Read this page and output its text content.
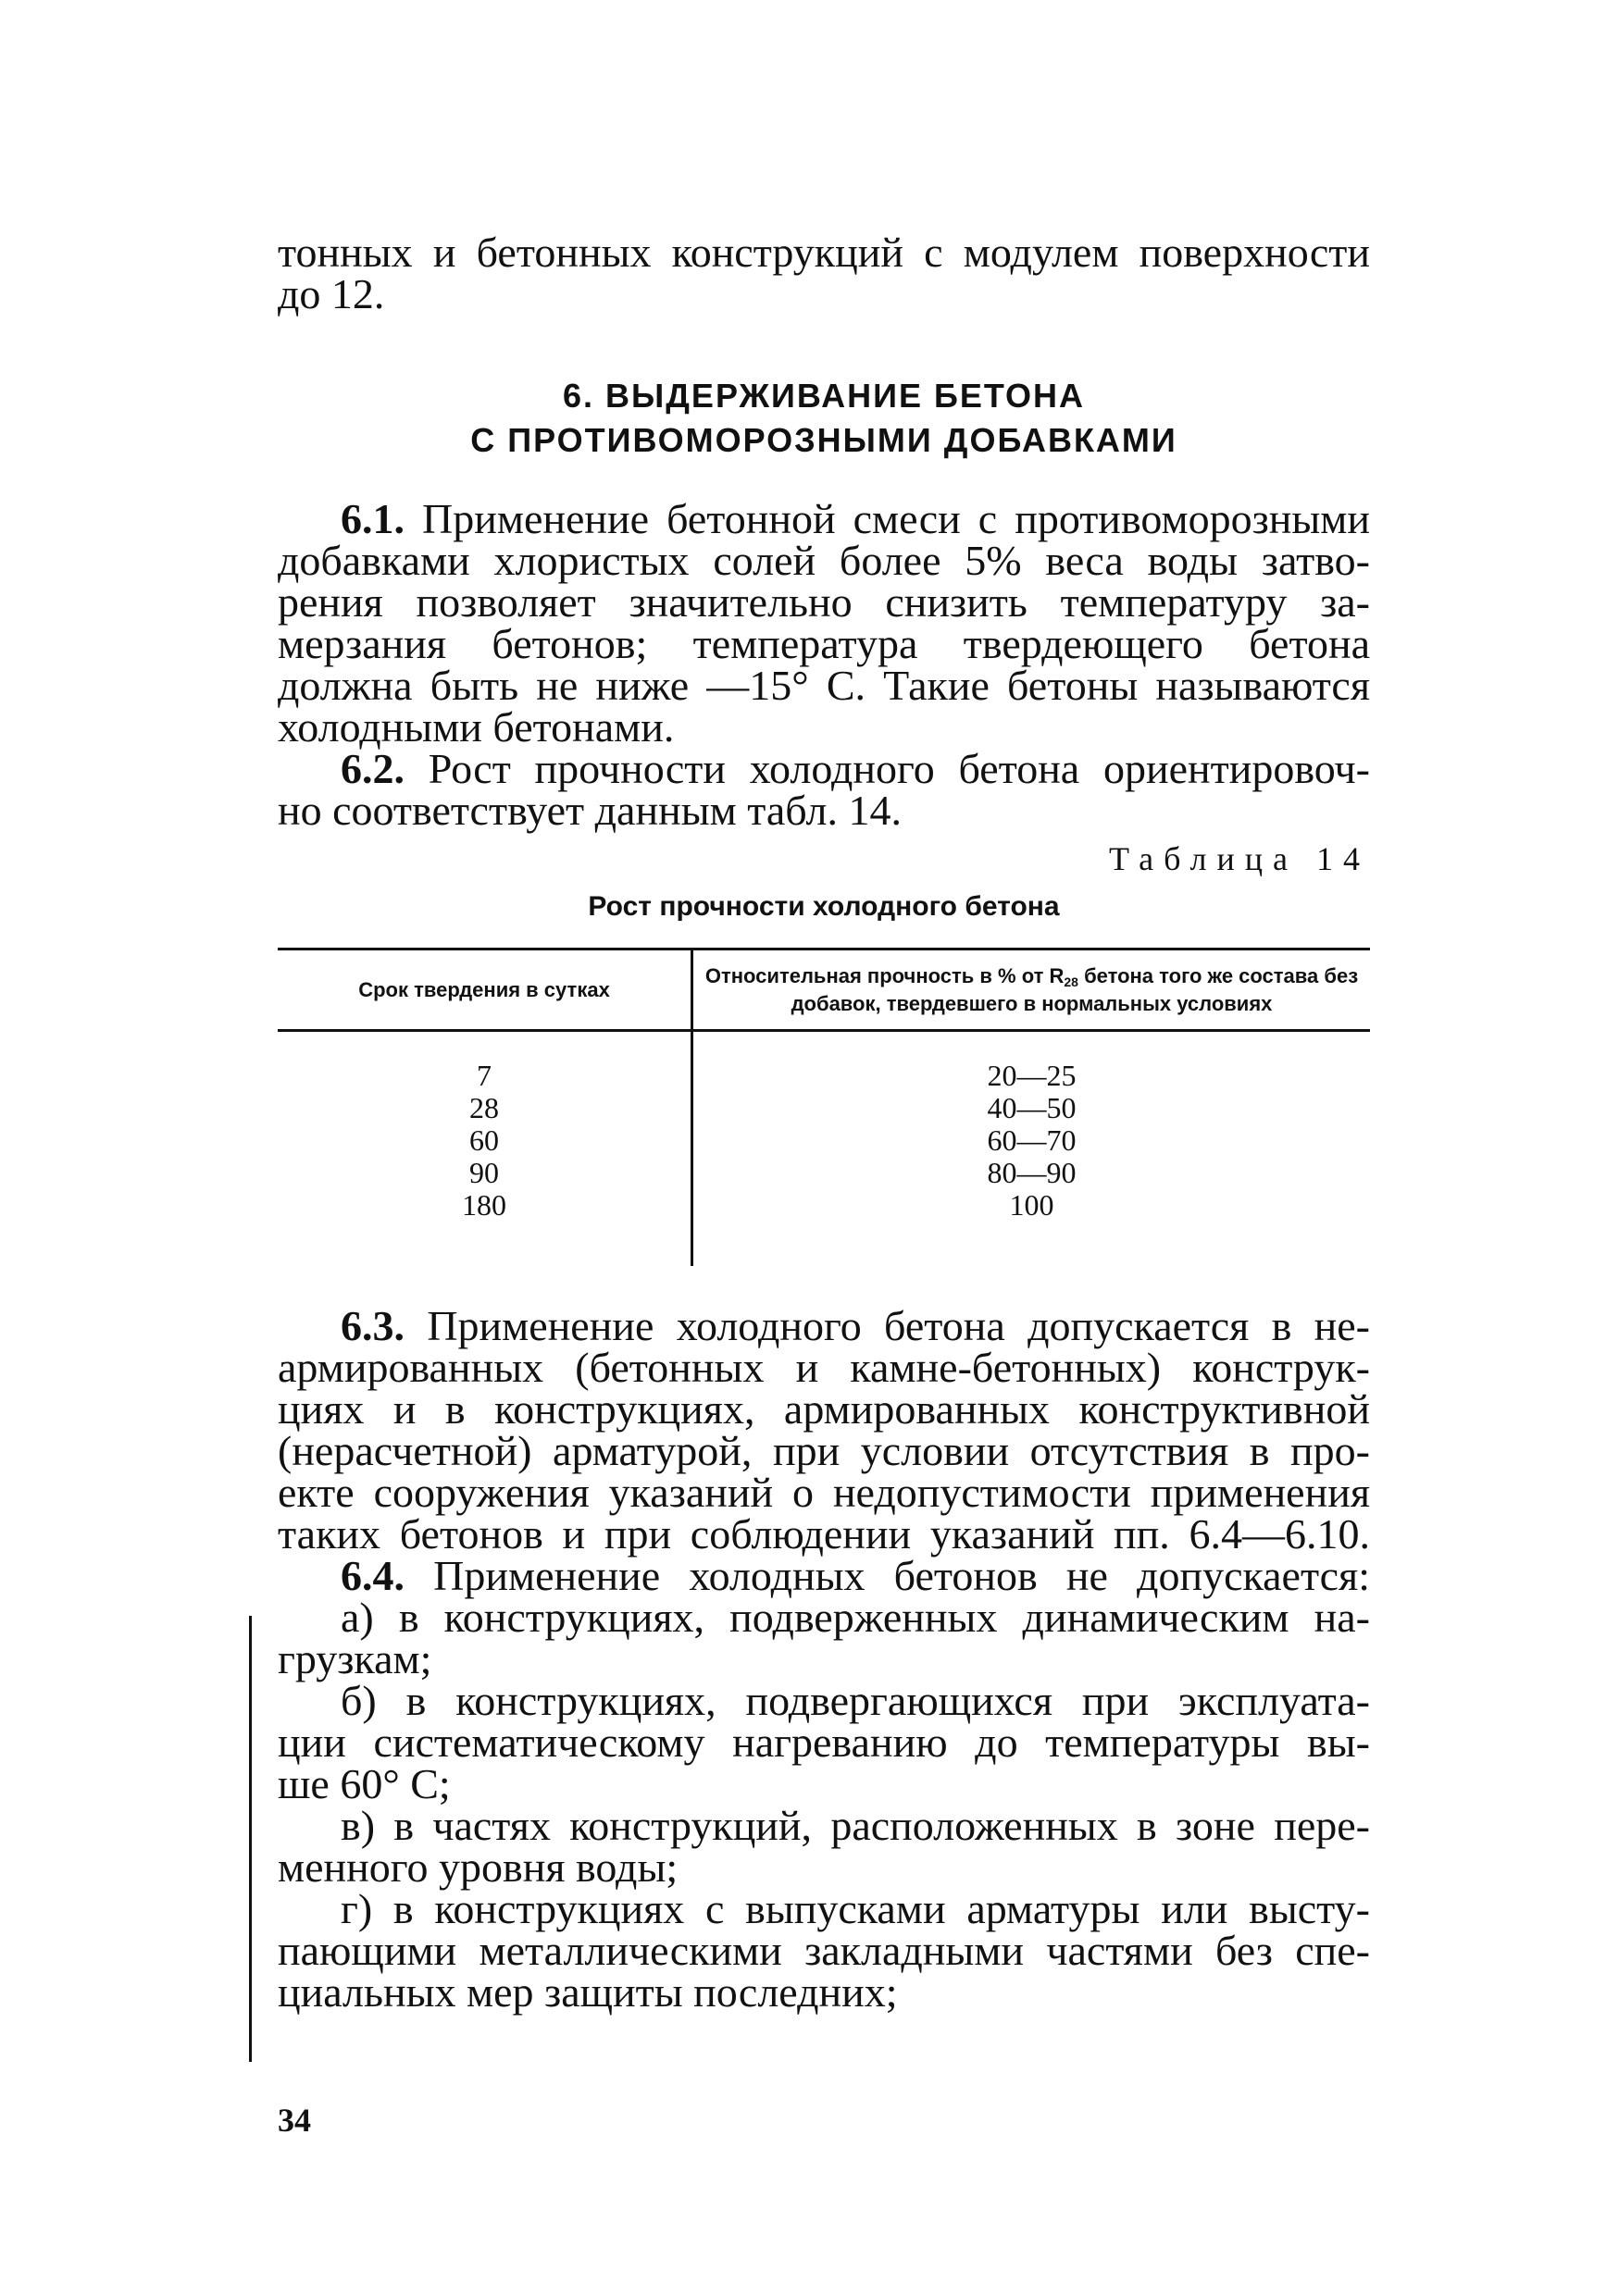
тонных и бетонных конструкций с модулем поверхности

до 12.

6. ВЫДЕРЖИВАНИЕ БЕТОНА

С ПРОТИВОМОРОЗНЫМИ ДОБАВКАМИ

6.1. Применение бетонной смеси с противоморозными

добавками хлористых солей более 5% веса воды затво-

рения позволяет значительно снизить температуру за-

мерзания бетонов; температура твердеющего бетона

должна быть не ниже —15° С. Такие бетоны называются

холодными бетонами.

6.2. Рост прочности холодного бетона ориентировоч-

но соответствует данным табл. 14.

Таблица 14

Рост прочности холодного бетона

Срок твердения в сутках	Относительная прочность в % от $R_{28}$ бетона того же состава без добавок, твердевшего в нормальных условиях
7	20—25
28	40—50
60	60—70
90	80—90
180	100

6.3. Применение холодного бетона допускается в не-

армированных (бетонных и камне-бетонных) конструк-

циях и в конструкциях, армированных конструктивной

(нерасчетной) арматурой, при условии отсутствия в про-

екте сооружения указаний о недопустимости применения

таких бетонов и при соблюдении указаний пп. 6.4—6.10.

6.4. Применение холодных бетонов не допускается:

а) в конструкциях, подверженных динамическим на-

грузкам;

б) в конструкциях, подвергающихся при эксплуата-

ции систематическому нагреванию до температуры вы-

ше 60° С;

в) в частях конструкций, расположенных в зоне пере-

менного уровня воды;

г) в конструкциях с выпусками арматуры или высту-

пающими металлическими закладными частями без спе-

циальных мер защиты последних;

34
